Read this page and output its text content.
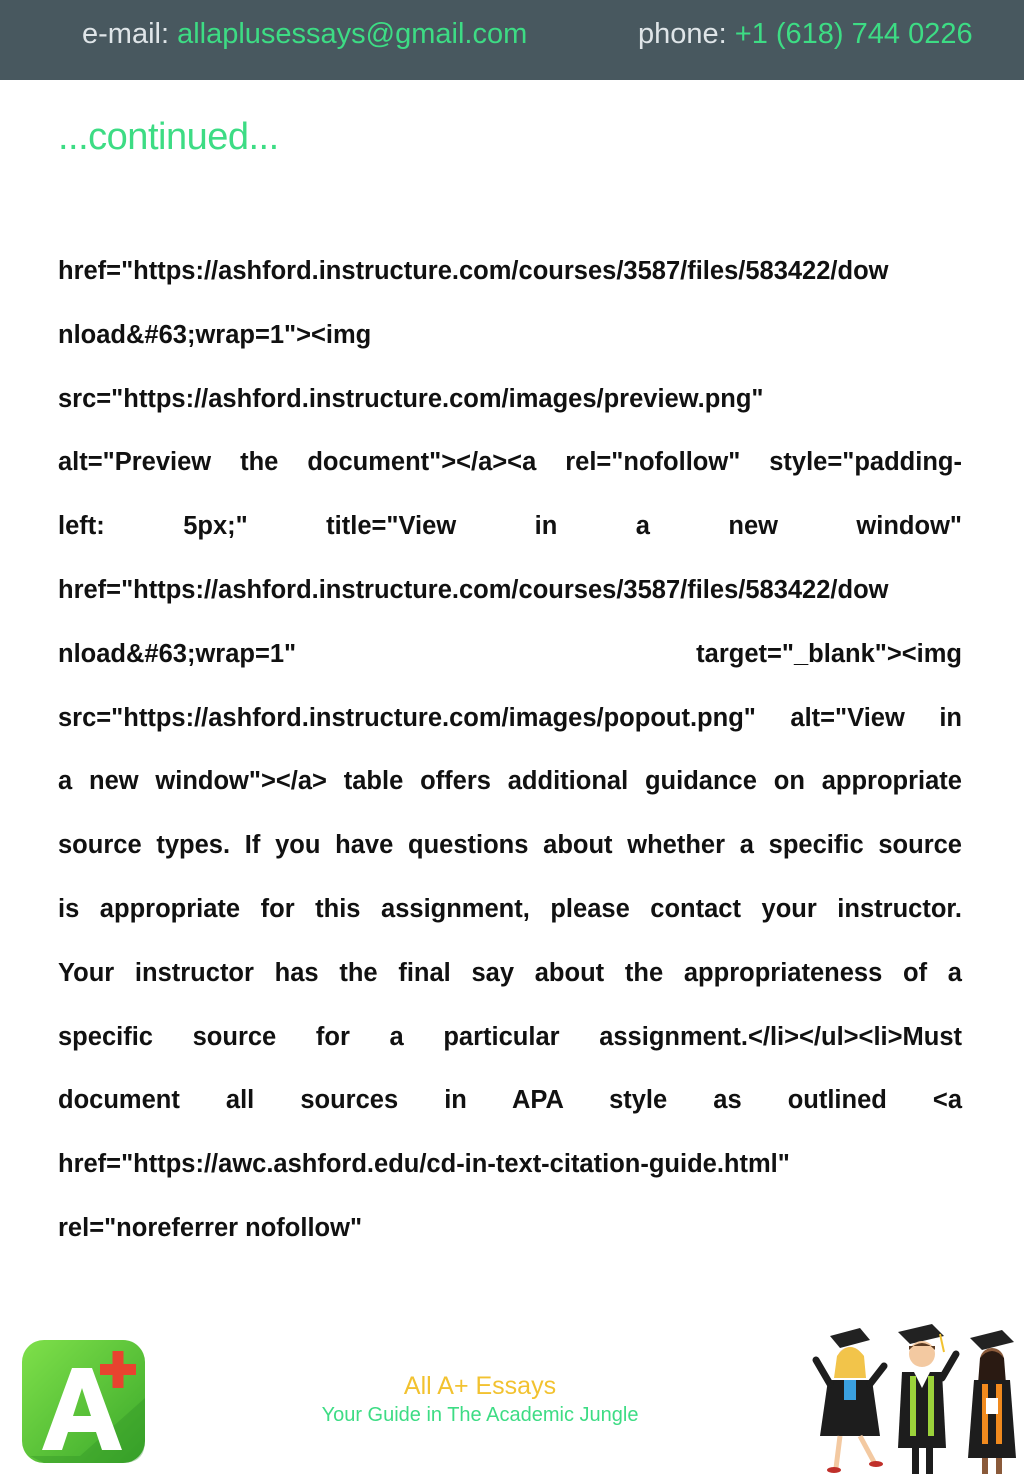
e-mail: allaplusessays@gmail.com	phone: +1 (618) 744 0226
...continued...
href="https://ashford.instructure.com/courses/3587/files/583422/dow
nload&#63;wrap=1"><img
src="https://ashford.instructure.com/images/preview.png"
alt="Preview the document"></a><a rel="nofollow" style="padding-
left: 5px;" title="View in a new window"
href="https://ashford.instructure.com/courses/3587/files/583422/dow
nload&#63;wrap=1" target="_blank"><img
src="https://ashford.instructure.com/images/popout.png" alt="View in
a new window"></a> table offers additional guidance on appropriate
source types. If you have questions about whether a specific source
is appropriate for this assignment, please contact your instructor.
Your instructor has the final say about the appropriateness of a
specific source for a particular assignment.</li></ul><li>Must
document all sources in APA style as outlined <a
href="https://awc.ashford.edu/cd-in-text-citation-guide.html"
rel="noreferrer nofollow"
All A+ Essays
Your Guide in The Academic Jungle
